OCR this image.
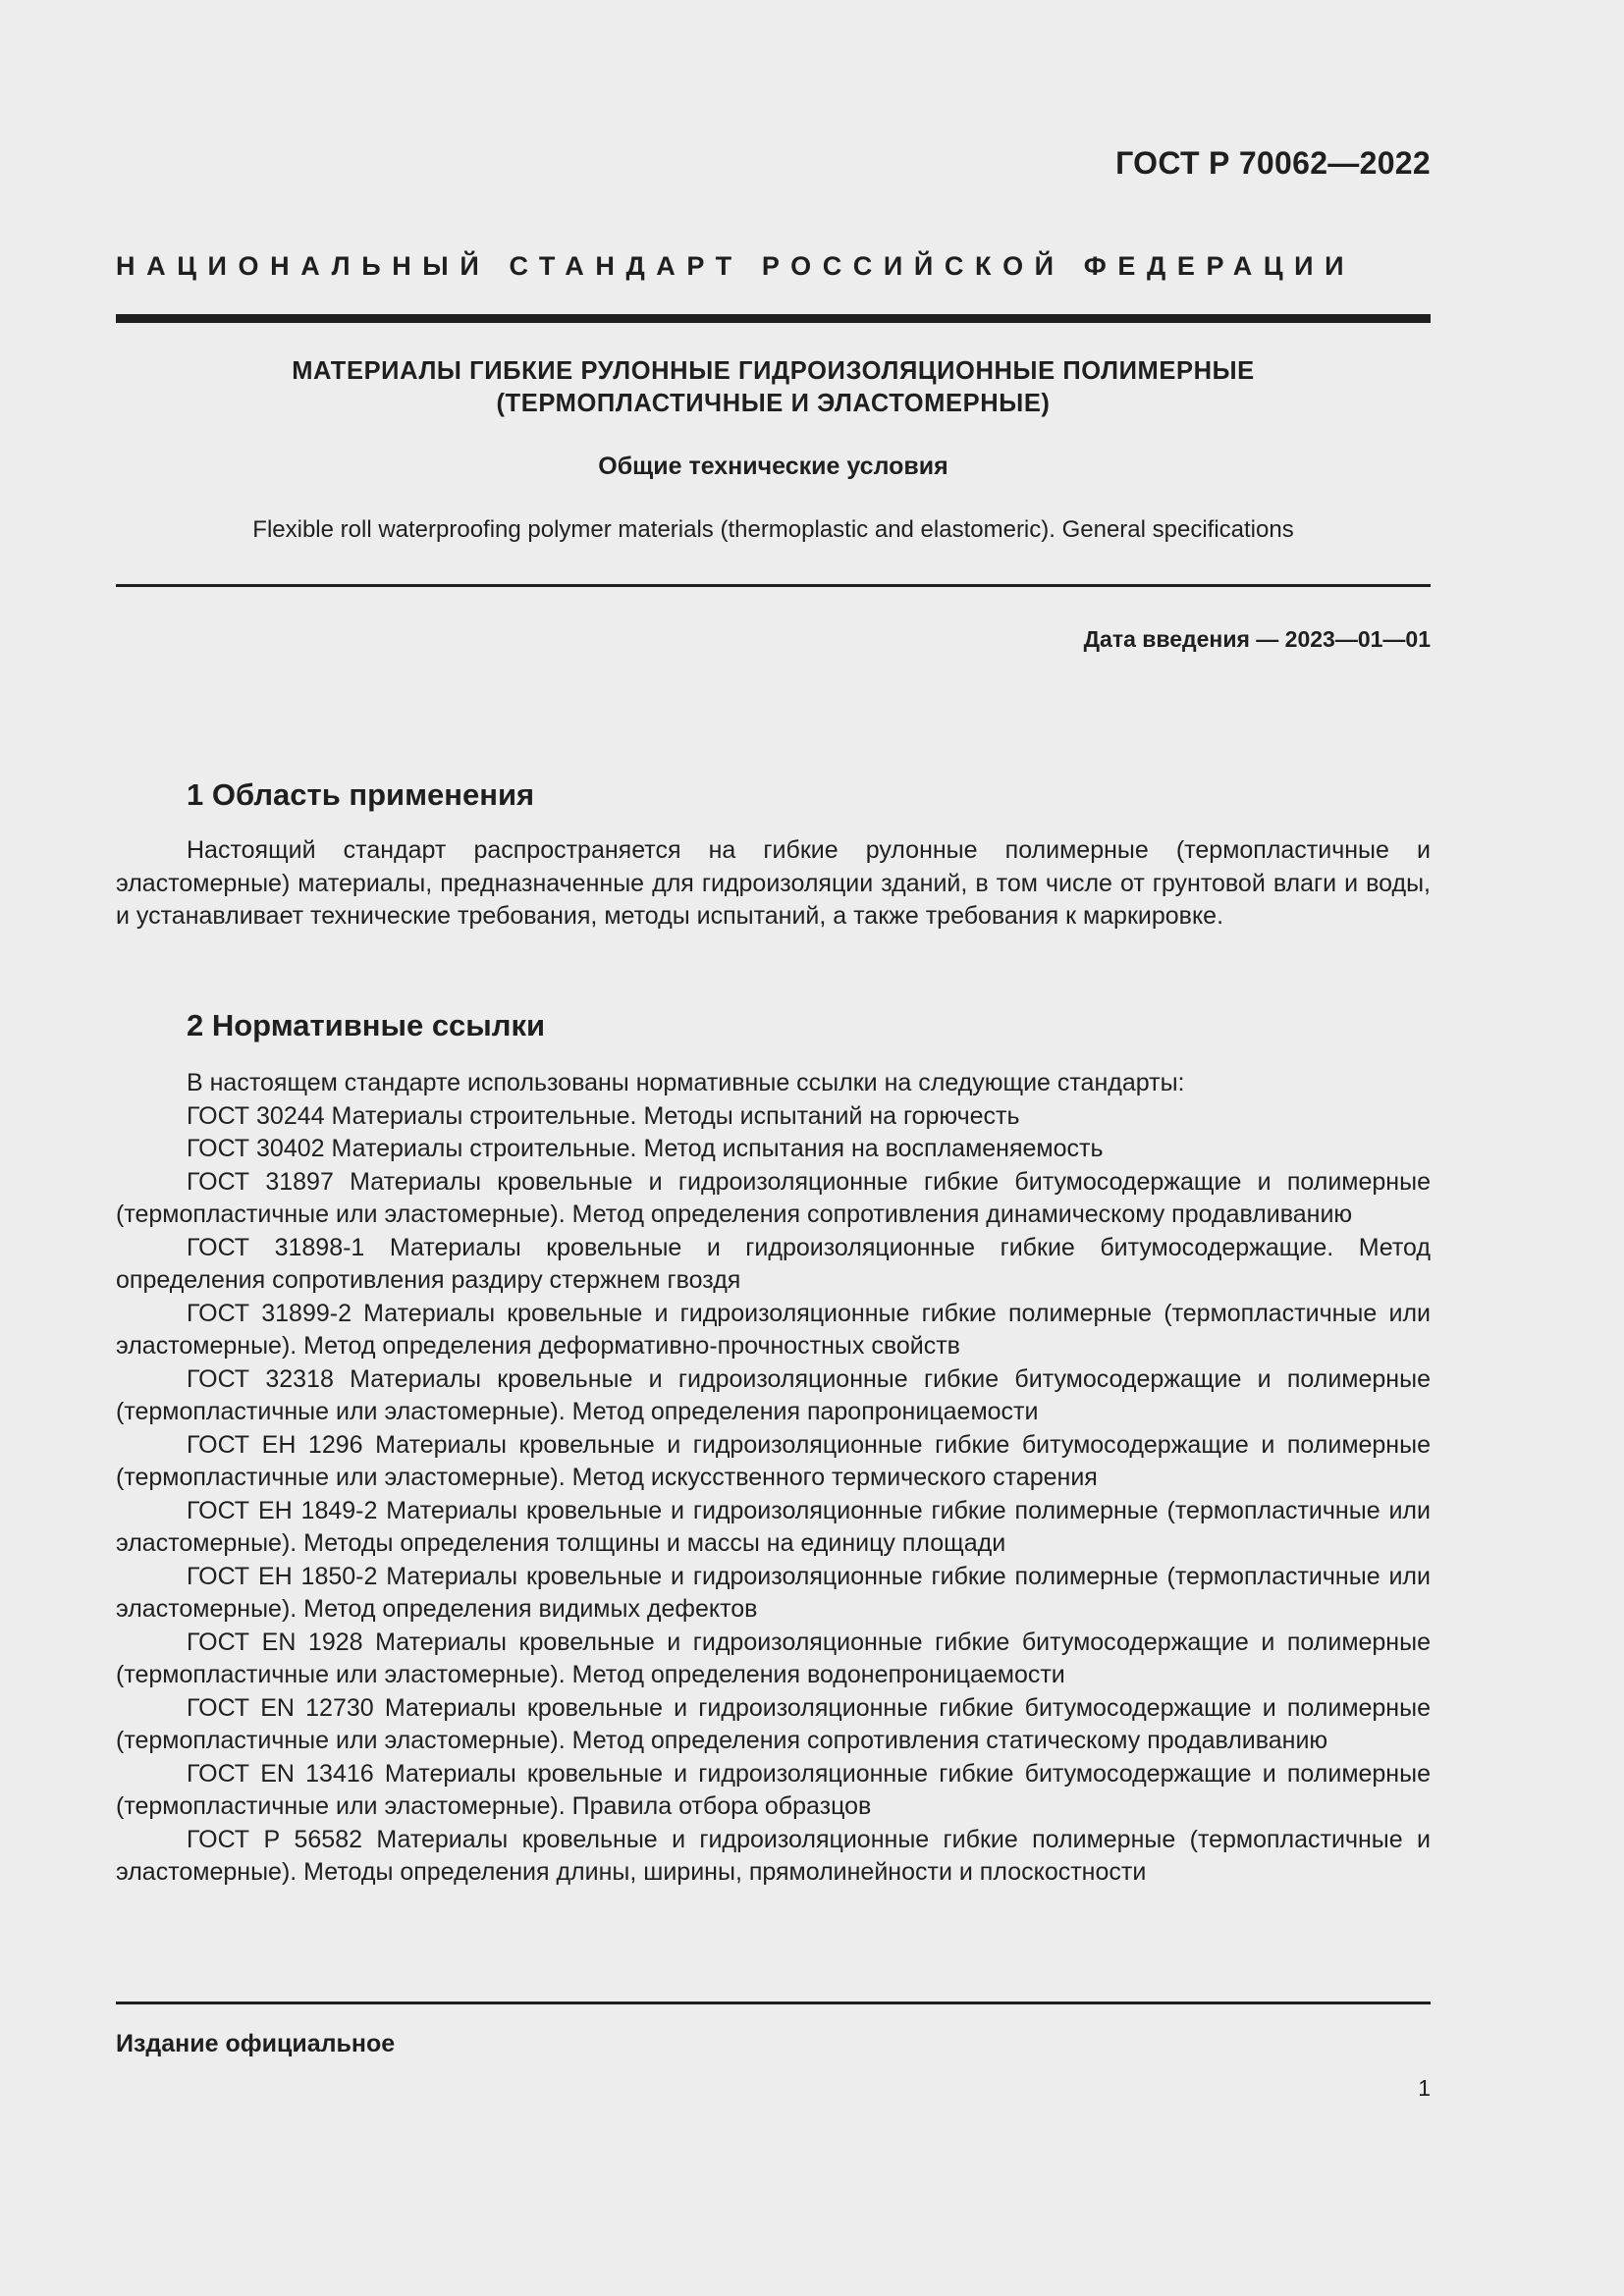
ГОСТ Р 70062—2022
НАЦИОНАЛЬНЫЙ СТАНДАРТ РОССИЙСКОЙ ФЕДЕРАЦИИ
МАТЕРИАЛЫ ГИБКИЕ РУЛОННЫЕ ГИДРОИЗОЛЯЦИОННЫЕ ПОЛИМЕРНЫЕ
(ТЕРМОПЛАСТИЧНЫЕ И ЭЛАСТОМЕРНЫЕ)
Общие технические условия
Flexible roll waterproofing polymer materials (thermoplastic and elastomeric). General specifications
Дата введения — 2023—01—01
1 Область применения

Настоящий стандарт распространяется на гибкие рулонные полимерные (термопластичные и эластомерные) материалы, предназначенные для гидроизоляции зданий, в том числе от грунтовой влаги и воды, и устанавливает технические требования, методы испытаний, а также требования к маркировке.

2 Нормативные ссылки

В настоящем стандарте использованы нормативные ссылки на следующие стандарты:

ГОСТ 30244 Материалы строительные. Методы испытаний на горючесть

ГОСТ 30402 Материалы строительные. Метод испытания на воспламеняемость

ГОСТ 31897 Материалы кровельные и гидроизоляционные гибкие битумосодержащие и полимерные (термопластичные или эластомерные). Метод определения сопротивления динамическому продавливанию

ГОСТ 31898-1 Материалы кровельные и гидроизоляционные гибкие битумосодержащие. Метод определения сопротивления раздиру стержнем гвоздя

ГОСТ 31899-2 Материалы кровельные и гидроизоляционные гибкие полимерные (термопластичные или эластомерные). Метод определения деформативно-прочностных свойств

ГОСТ 32318 Материалы кровельные и гидроизоляционные гибкие битумосодержащие и полимерные (термопластичные или эластомерные). Метод определения паропроницаемости

ГОСТ ЕН 1296 Материалы кровельные и гидроизоляционные гибкие битумосодержащие и полимерные (термопластичные или эластомерные). Метод искусственного термического старения

ГОСТ ЕН 1849-2 Материалы кровельные и гидроизоляционные гибкие полимерные (термопластичные или эластомерные). Методы определения толщины и массы на единицу площади

ГОСТ ЕН 1850-2 Материалы кровельные и гидроизоляционные гибкие полимерные (термопластичные или эластомерные). Метод определения видимых дефектов

ГОСТ EN 1928 Материалы кровельные и гидроизоляционные гибкие битумосодержащие и полимерные (термопластичные или эластомерные). Метод определения водонепроницаемости

ГОСТ EN 12730 Материалы кровельные и гидроизоляционные гибкие битумосодержащие и полимерные (термопластичные или эластомерные). Метод определения сопротивления статическому продавливанию

ГОСТ EN 13416 Материалы кровельные и гидроизоляционные гибкие битумосодержащие и полимерные (термопластичные или эластомерные). Правила отбора образцов

ГОСТ Р 56582 Материалы кровельные и гидроизоляционные гибкие полимерные (термопластичные и эластомерные). Методы определения длины, ширины, прямолинейности и плоскостности

Издание официальное
1
